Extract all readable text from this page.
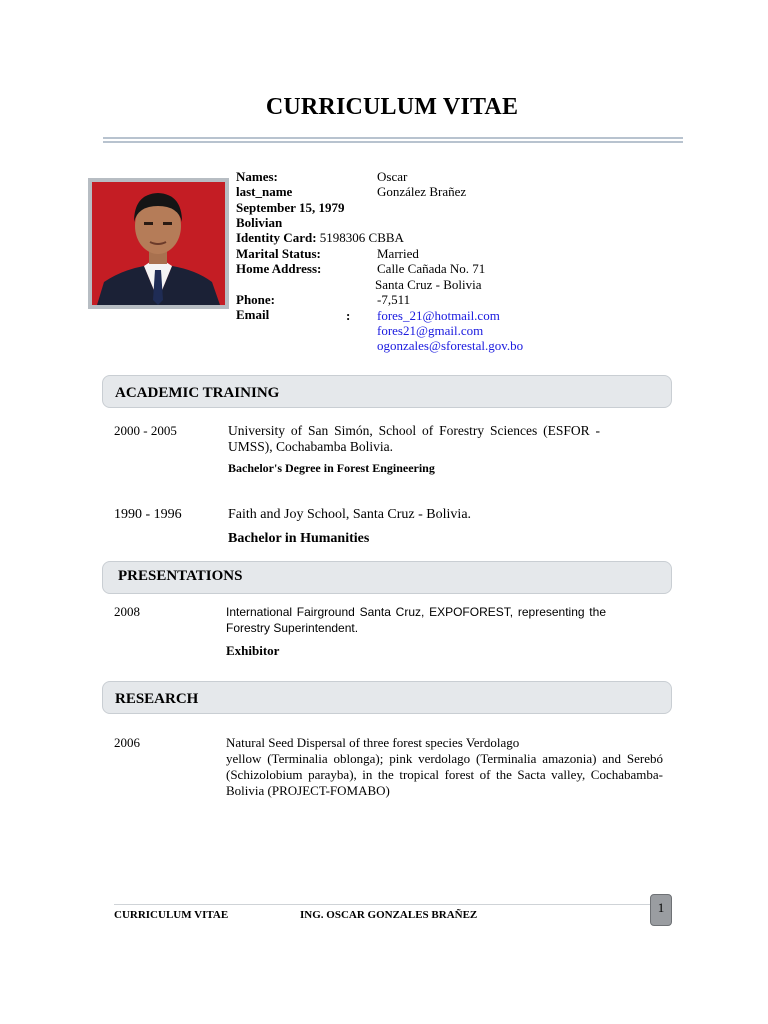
CURRICULUM VITAE
Names:	Oscar
last_name	González Brañez
September 15, 1979
Bolivian
Identity Card: 5198306 CBBA
Marital Status:	Married
Home Address:	Calle Cañada No. 71
Santa Cruz - Bolivia
Phone:	-7,511
Email	: fores_21@hotmail.com
fores21@gmail.com
ogonzales@sforestal.gov.bo
ACADEMIC TRAINING
2000 - 2005	University of San Simón, School of Forestry Sciences (ESFOR - UMSS), Cochabamba Bolivia.
Bachelor's Degree in Forest Engineering
1990 - 1996	Faith and Joy School, Santa Cruz - Bolivia.
Bachelor in Humanities
PRESENTATIONS
2008	International Fairground Santa Cruz, EXPOFOREST, representing the Forestry Superintendent.
Exhibitor
RESEARCH
2006	Natural Seed Dispersal of three forest species Verdolago
yellow (Terminalia oblonga); pink verdolago (Terminalia amazonia) and Serebó (Schizolobium parayba), in the tropical forest of the Sacta valley, Cochabamba-Bolivia (PROJECT-FOMABO)
CURRICULUM VITAE	ING. OSCAR GONZALES BRAÑEZ	1
